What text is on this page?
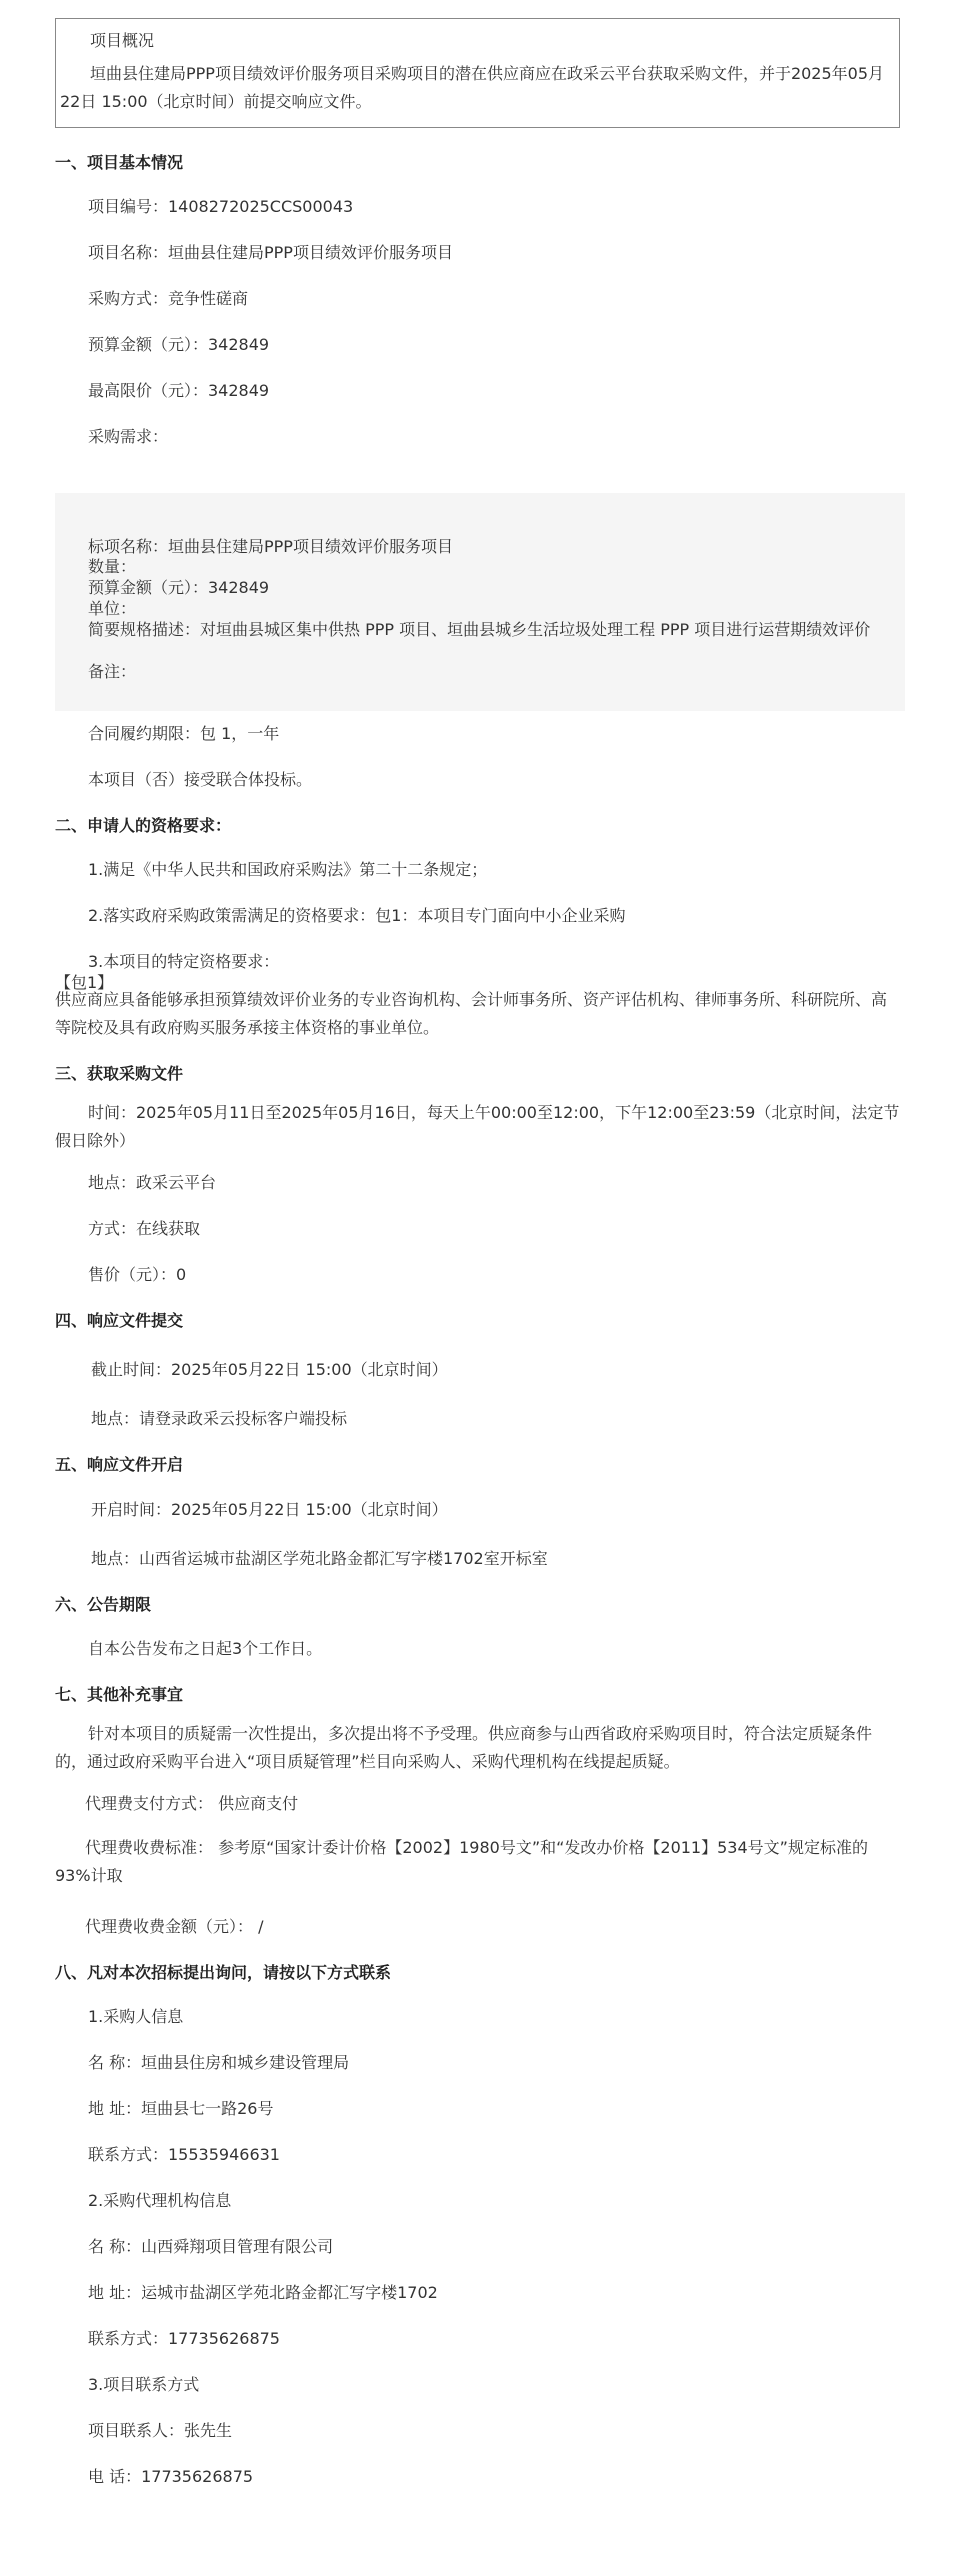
项目概况
垣曲县住建局PPP项目绩效评价服务项目采购项目的潜在供应商应在政采云平台获取采购文件，并于2025年05月22日 15:00（北京时间）前提交响应文件。
一、项目基本情况
项目编号：1408272025CCS00043
项目名称：垣曲县住建局PPP项目绩效评价服务项目
采购方式：竞争性磋商
预算金额（元）：342849
最高限价（元）：342849
采购需求：
标项名称：垣曲县住建局PPP项目绩效评价服务项目
数量：
预算金额（元）：342849
单位：
简要规格描述：对垣曲县城区集中供热 PPP 项目、垣曲县城乡生活垃圾处理工程 PPP 项目进行运营期绩效评价
备注：
合同履约期限：包 1，一年
本项目（否）接受联合体投标。
二、申请人的资格要求：
1.满足《中华人民共和国政府采购法》第二十二条规定；
2.落实政府采购政策需满足的资格要求：包1：本项目专门面向中小企业采购
3.本项目的特定资格要求：
【包1】
供应商应具备能够承担预算绩效评价业务的专业咨询机构、会计师事务所、资产评估机构、律师事务所、科研院所、高等院校及具有政府购买服务承接主体资格的事业单位。
三、获取采购文件
时间：2025年05月11日至2025年05月16日，每天上午00:00至12:00，下午12:00至23:59（北京时间，法定节假日除外）
地点：政采云平台
方式：在线获取
售价（元）：0
四、响应文件提交
截止时间：2025年05月22日 15:00（北京时间）
地点：请登录政采云投标客户端投标
五、响应文件开启
开启时间：2025年05月22日 15:00（北京时间）
地点：山西省运城市盐湖区学苑北路金都汇写字楼1702室开标室
六、公告期限
自本公告发布之日起3个工作日。
七、其他补充事宜
针对本项目的质疑需一次性提出，多次提出将不予受理。供应商参与山西省政府采购项目时，符合法定质疑条件的，通过政府采购平台进入“项目质疑管理”栏目向采购人、采购代理机构在线提起质疑。
代理费支付方式： 供应商支付
代理费收费标准： 参考原“国家计委计价格【2002】1980号文”和“发改办价格【2011】534号文”规定标准的93%计取
代理费收费金额（元）： /
八、凡对本次招标提出询问，请按以下方式联系
1.采购人信息
名 称：垣曲县住房和城乡建设管理局
地 址：垣曲县七一路26号
联系方式：15535946631
2.采购代理机构信息
名 称：山西舜翔项目管理有限公司
地 址：运城市盐湖区学苑北路金都汇写字楼1702
联系方式：17735626875
3.项目联系方式
项目联系人：张先生
电 话：17735626875
